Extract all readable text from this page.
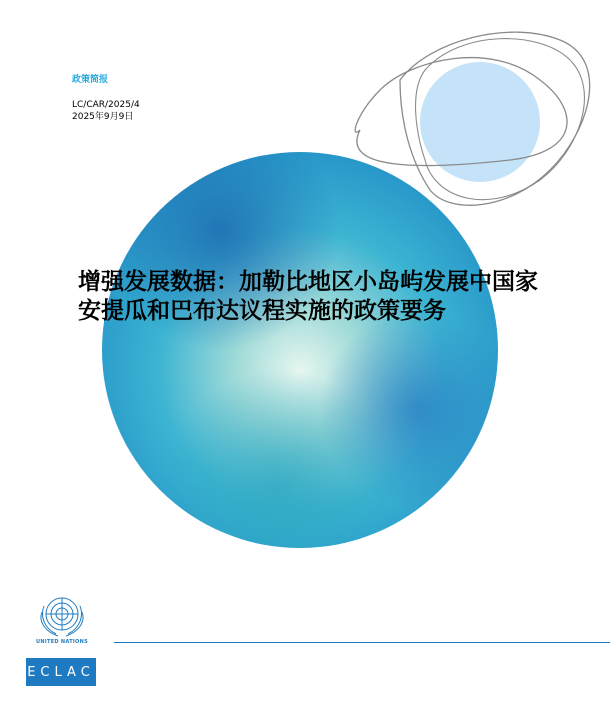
政策简报

LC/CAR/2025/4

2025年9月9日

增强发展数据：加勒比地区小岛屿发展中国家安提瓜和巴布达议程实施的政策要务
UNITED NATIONS
ECLAC
